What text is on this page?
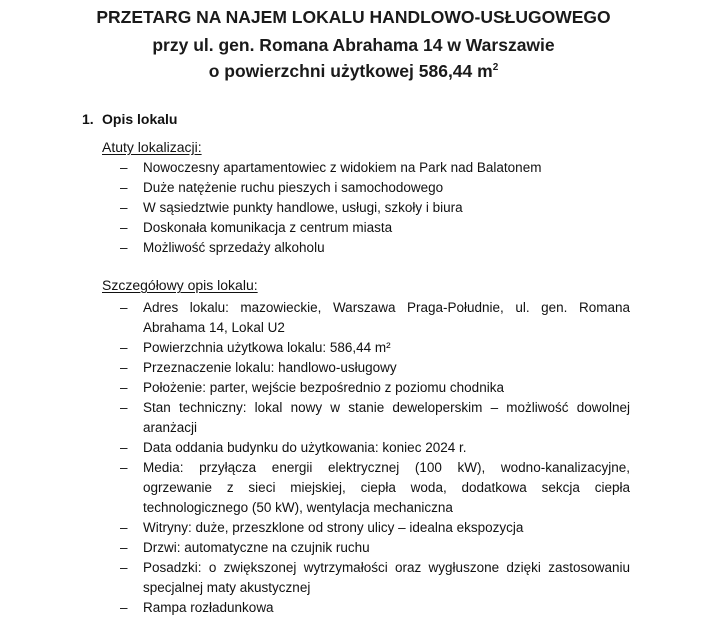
PRZETARG NA NAJEM LOKALU HANDLOWO-USŁUGOWEGO
przy ul. gen. Romana Abrahama 14 w Warszawie
o powierzchni użytkowej 586,44 $m^2$
1. Opis lokalu
Atuty lokalizacji:
– Nowoczesny apartamentowiec z widokiem na Park nad Balatonem
– Duże natężenie ruchu pieszych i samochodowego
– W sąsiedztwie punkty handlowe, usługi, szkoły i biura
– Doskonała komunikacja z centrum miasta
– Możliwość sprzedaży alkoholu
Szczegółowy opis lokalu:
– Adres lokalu: mazowieckie, Warszawa Praga-Południe, ul. gen. Romana Abrahama 14, Lokal U2
– Powierzchnia użytkowa lokalu: 586,44 m²
– Przeznaczenie lokalu: handlowo-usługowy
– Położenie: parter, wejście bezpośrednio z poziomu chodnika
– Stan techniczny: lokal nowy w stanie deweloperskim – możliwość dowolnej aranżacji
– Data oddania budynku do użytkowania: koniec 2024 r.
– Media: przyłącza energii elektrycznej (100 kW), wodno-kanalizacyjne, ogrzewanie z sieci miejskiej, ciepła woda, dodatkowa sekcja ciepła technologicznego (50 kW), wentylacja mechaniczna
– Witryny: duże, przeszklone od strony ulicy – idealna ekspozycja
– Drzwi: automatyczne na czujnik ruchu
– Posadzki: o zwiększonej wytrzymałości oraz wygłuszone dzięki zastosowaniu specjalnej maty akustycznej
– Rampa rozładunkowa
